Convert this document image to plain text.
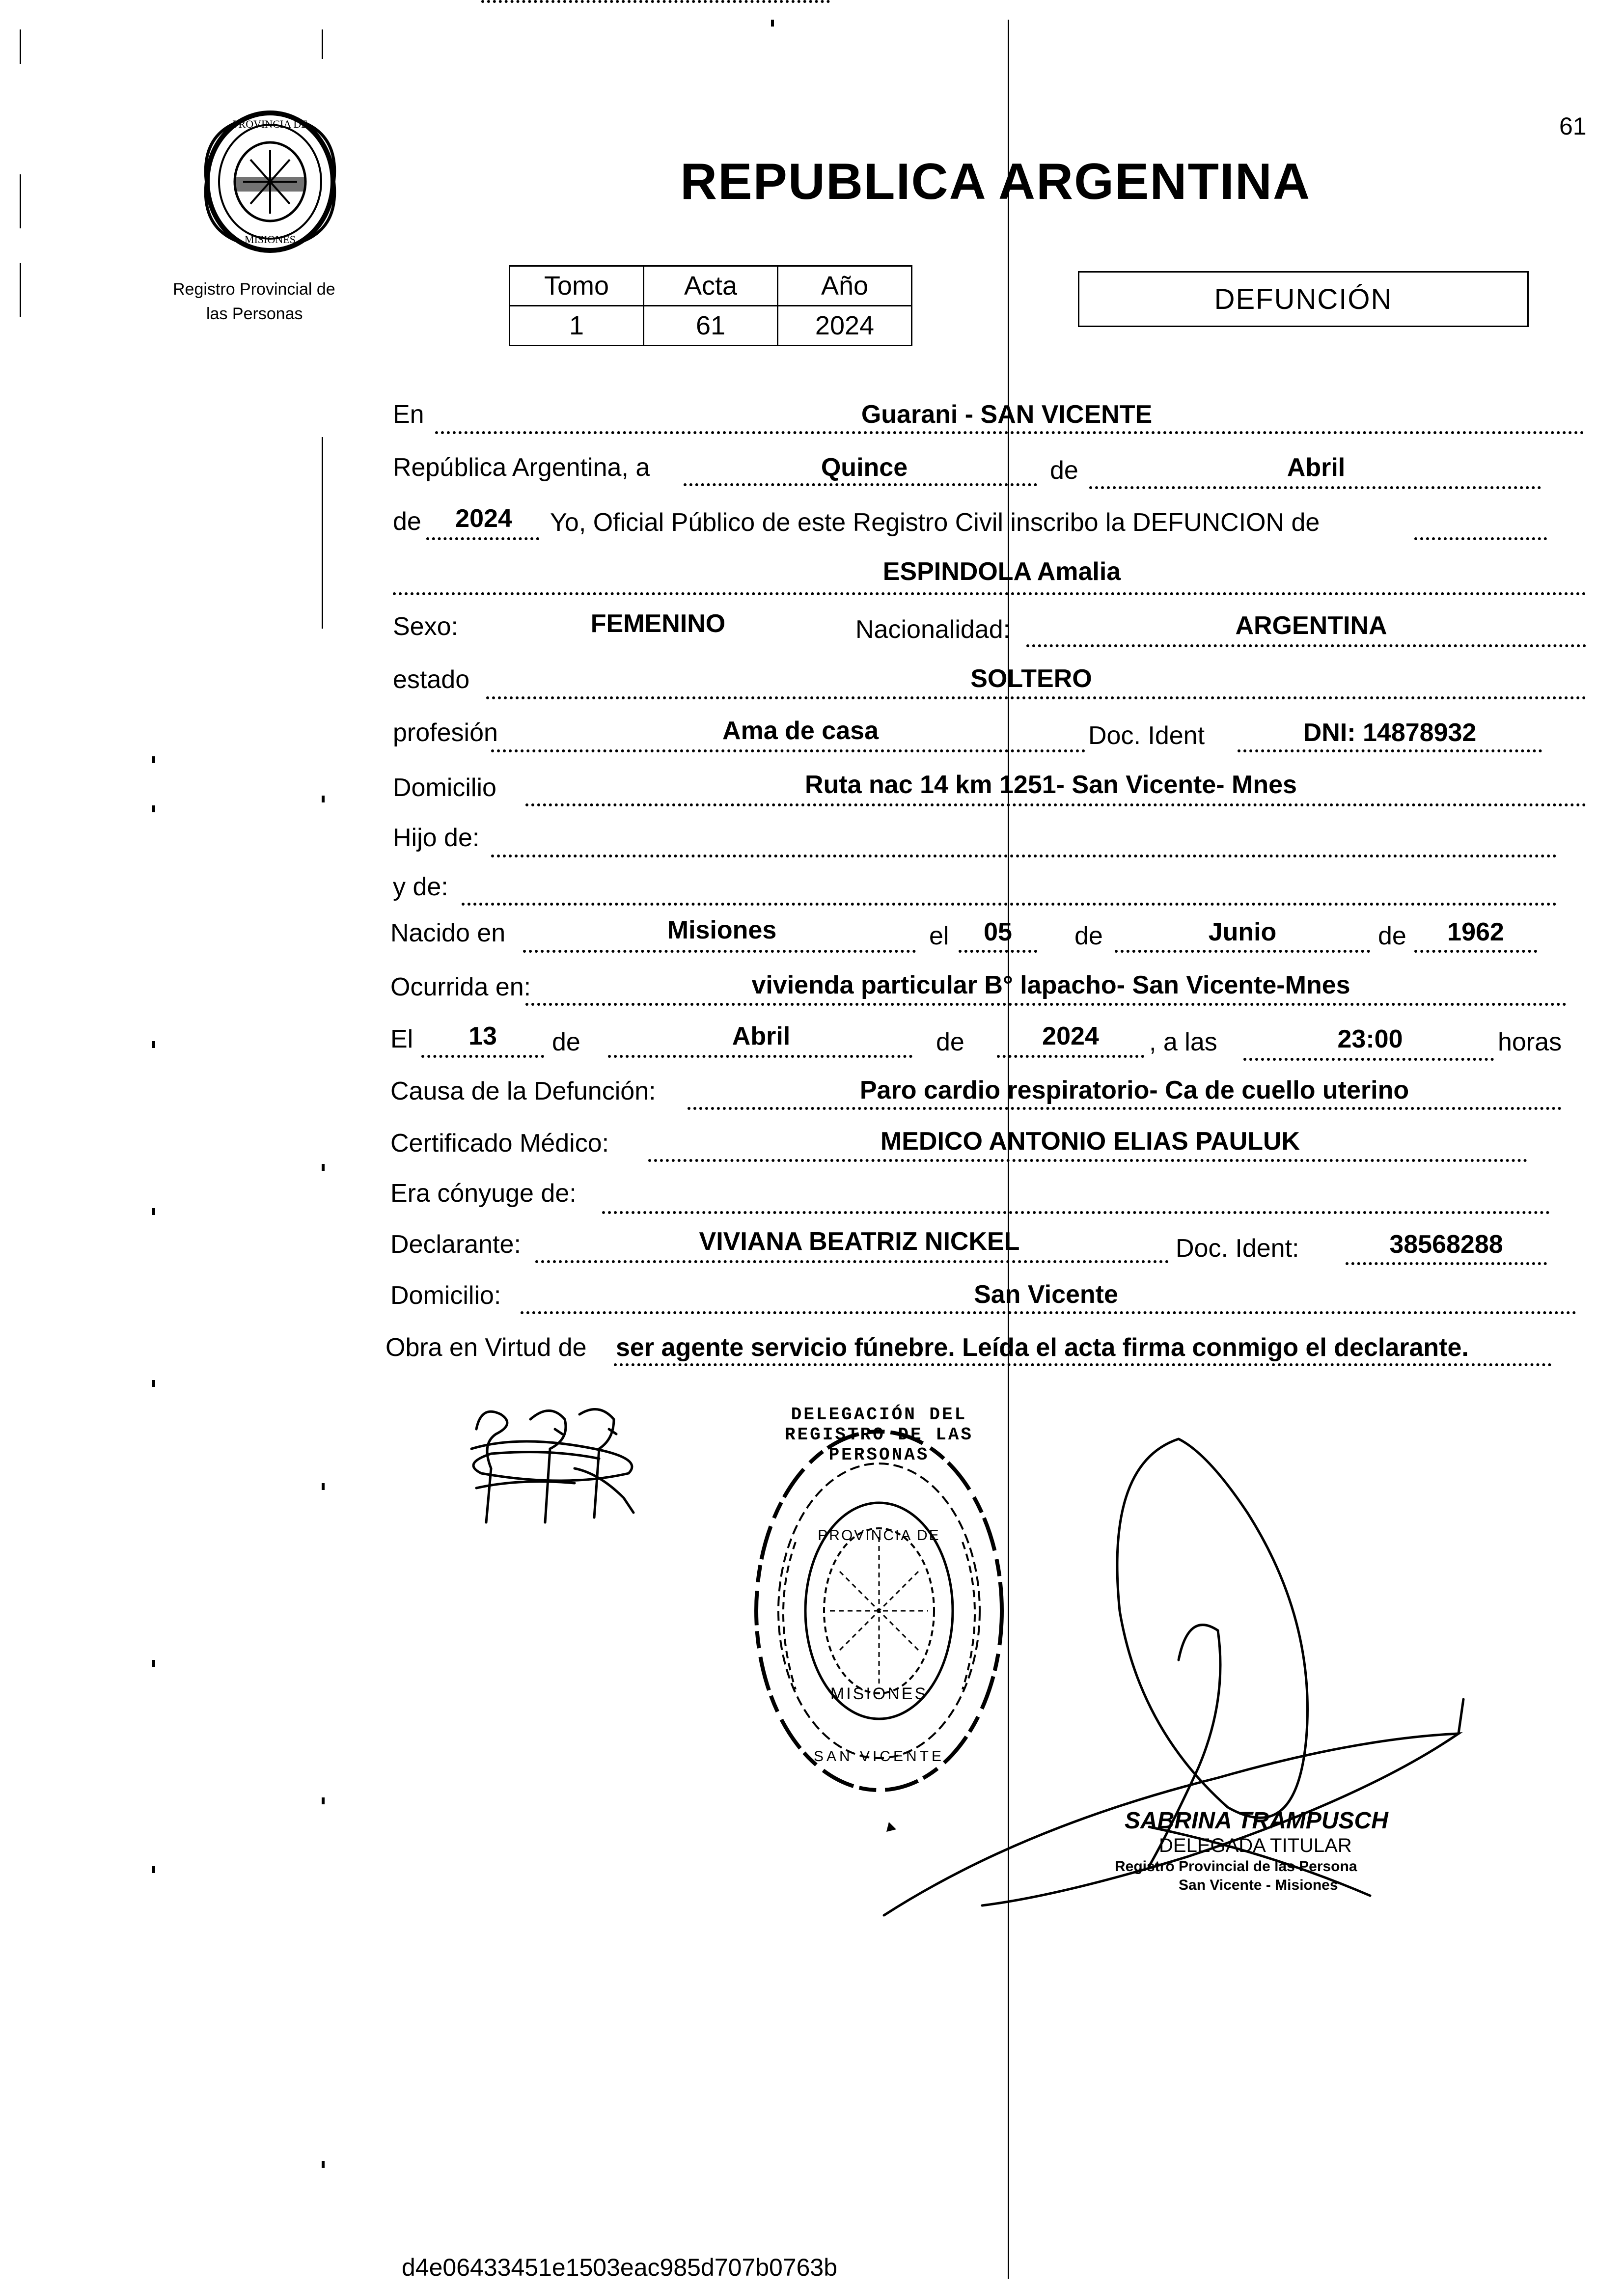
61
PROVINCIA DE
MISIONES
Registro Provincial de
las Personas
REPUBLICA ARGENTINA
Tomo	Acta	Año
1	61	2024
DEFUNCIÓN
En	Guarani - SAN VICENTE
República Argentina, a	Quince	de	Abril
de	2024	Yo, Oficial Público de este Registro Civil inscribo la DEFUNCION de
ESPINDOLA Amalia
Sexo:	FEMENINO	Nacionalidad:	ARGENTINA
estado	SOLTERO
profesión	Ama de casa	Doc. Ident	DNI: 14878932
Domicilio	Ruta nac 14 km 1251- San Vicente- Mnes
Hijo de:
y de:
Nacido en	Misiones	el	05	de	Junio	de	1962
Ocurrida en:	vivienda particular B° lapacho- San Vicente-Mnes
El	13	de	Abril	de	2024	, a las	23:00	horas
Causa de la Defunción:	Paro cardio respiratorio- Ca de cuello uterino
Certificado Médico:	MEDICO ANTONIO ELIAS PAULUK
Era cónyuge de:
Declarante:	VIVIANA BEATRIZ NICKEL	Doc. Ident:	38568288
Domicilio:	San Vicente
Obra en Virtud de ser agente servicio fúnebre. Leída el acta firma conmigo el declarante.
DELEGACIÓN DEL REGISTRO DE LAS PERSONAS
PROVINCIA DE
MISIONES
SAN VICENTE
SABRINA TRAMPUSCH
DELEGADA TITULAR
Registro Provincial de las Persona
San Vicente - Misiones
d4e06433451e1503eac985d707b0763b
